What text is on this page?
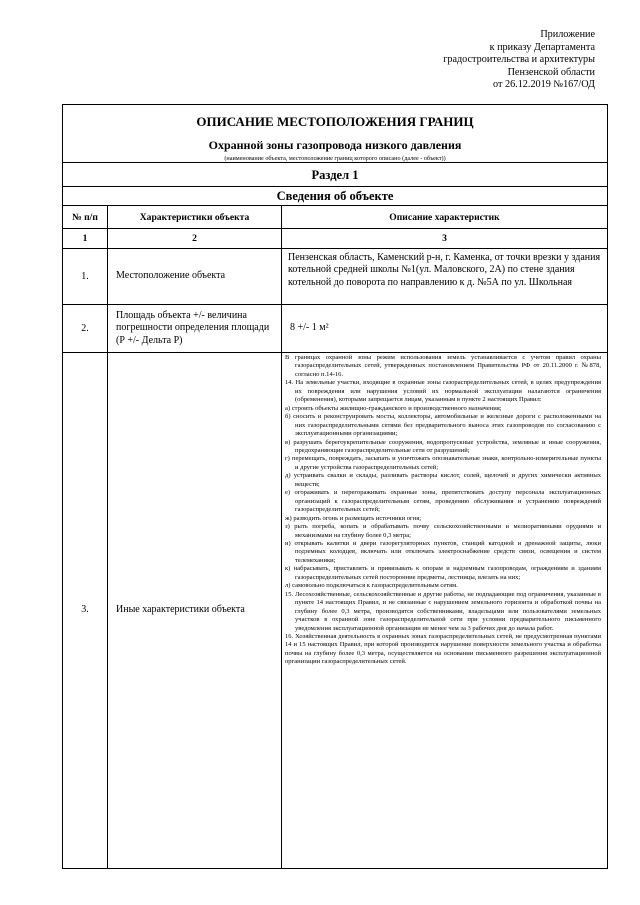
Приложение
к приказу Департамента
градостроительства и архитектуры
Пензенской области
от 26.12.2019 №167/ОД
ОПИСАНИЕ МЕСТОПОЛОЖЕНИЯ ГРАНИЦ
Охранной зоны газопровода низкого давления
(наименование объекта, местоположение границ которого описано (далее - объект))
Раздел 1
Сведения об объекте
№ п/п
1
1.
2.
3.
Характеристики объекта
2
Местоположение объекта
Площадь объекта +/- величина погрешности определения площади (Р +/- Дельта Р)
Иные характеристики объекта
Описание характеристик
3
Пензенская область, Каменский р-н, г. Каменка, от точки врезки у здания котельной средней школы №1(ул. Маловского, 2А) по стене здания котельной до поворота по направлению к д. №5А по ул. Школьная
8 +/- 1 м²

В границах охранной зоны режим использования земель устанавливается с учетом правил охраны газораспределительных сетей, утвержденных постановлением Правительства РФ от 20.11.2000 г. №878, согласно п.14-16.

14. На земельные участки, входящие в охранные зоны газораспределительных сетей, в целях предупреждения их повреждения или нарушения условий их нормальной эксплуатации налагаются ограничения (обременения), которыми запрещается лицам, указанным в пункте 2 настоящих Правил:

а) строить объекты жилищно-гражданского и производственного назначения;

б) сносить и реконструировать мосты, коллекторы, автомобильные и железные дороги с расположенными на них газораспределительными сетями без предварительного выноса этих газопроводов по согласованию с эксплуатационными организациями;

в) разрушать берегоукрепительные сооружения, водопропускные устройства, земляные и иные сооружения, предохраняющие газораспределительные сети от разрушений;

г) перемещать, повреждать, засыпать и уничтожать опознавательные знаки, контрольно-измерительные пункты и другие устройства газораспределительных сетей;

д) устраивать свалки и склады, разливать растворы кислот, солей, щелочей и других химически активных веществ;

е) огораживать и перегораживать охранные зоны, препятствовать доступу персонала эксплуатационных организаций к газораспределительным сетям, проведению обслуживания и устранению повреждений газораспределительных сетей;

ж) разводить огонь и размещать источники огня;

з) рыть погреба, копать и обрабатывать почву сельскохозяйственными и мелиоративными орудиями и механизмами на глубину более 0,3 метра;

и) открывать калитки и двери газорегуляторных пунктов, станций катодной и дренажной защиты, люки подземных колодцев, включать или отключать электроснабжение средств связи, освещения и систем телемеханики;

к) набрасывать, приставлять и привязывать к опорам и надземным газопроводам, ограждениям и зданиям газораспределительных сетей посторонние предметы, лестницы, влезать на них;

л) самовольно подключаться к газораспределительным сетям.

15. Лесохозяйственные, сельскохозяйственные и другие работы, не подпадающие под ограничения, указанные в пункте 14 настоящих Правил, и не связанные с нарушением земельного горизонта и обработкой почвы на глубину более 0,3 метра, производятся собственниками, владельцами или пользователями земельных участков в охранной зоне газораспределительной сети при условии предварительного письменного уведомления эксплуатационной организации не менее чем за 3 рабочих дня до начала работ.

16. Хозяйственная деятельность в охранных зонах газораспределительных сетей, не предусмотренная пунктами 14 и 15 настоящих Правил, при которой производится нарушение поверхности земельного участка и обработка почвы на глубину более 0,3 метра, осуществляется на основании письменного разрешения эксплуатационной организации газораспределительных сетей.
